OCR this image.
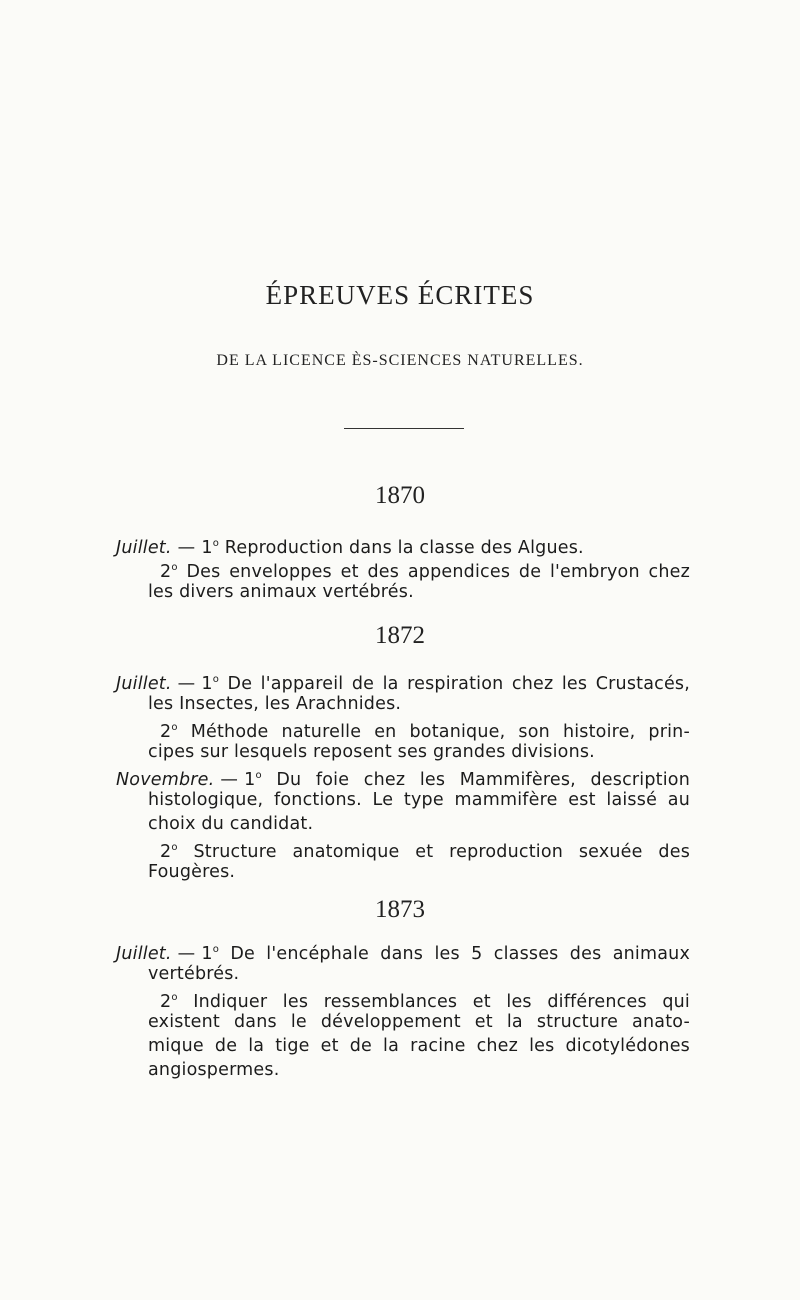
ÉPREUVES ÉCRITES
DE LA LICENCE ÈS-SCIENCES NATURELLES.
1870
Juillet. — 1$^o$ Reproduction dans la classe des Algues.
2$^o$ Des enveloppes et des appendices de l'embryon chez
les divers animaux vertébrés.
1872
Juillet. — 1$^o$ De l'appareil de la respiration chez les Crustacés,
les Insectes, les Arachnides.
2$^o$ Méthode naturelle en botanique, son histoire, prin-
cipes sur lesquels reposent ses grandes divisions.
Novembre. — 1$^o$ Du foie chez les Mammifères, description
histologique, fonctions. Le type mammifère est laissé au
choix du candidat.
2$^o$ Structure anatomique et reproduction sexuée des
Fougères.
1873
Juillet. — 1$^o$ De l'encéphale dans les 5 classes des animaux
vertébrés.
2$^o$ Indiquer les ressemblances et les différences qui
existent dans le développement et la structure anato-
mique de la tige et de la racine chez les dicotylédones
angiospermes.
